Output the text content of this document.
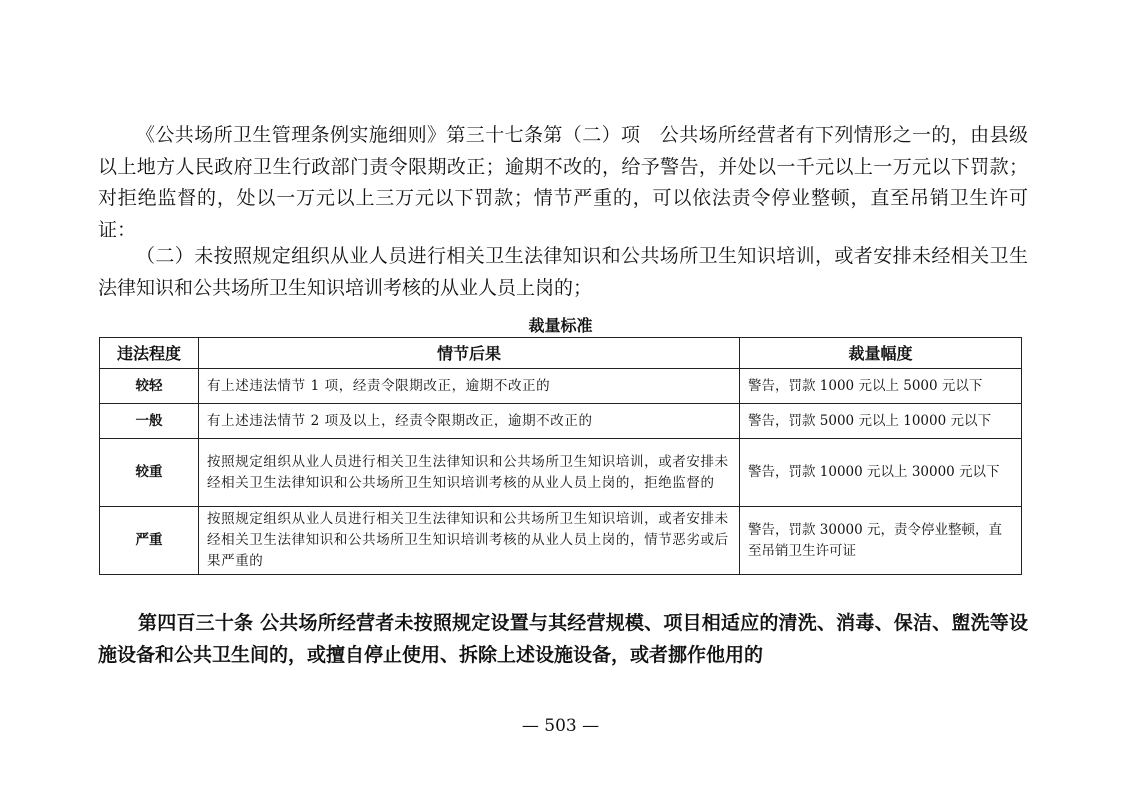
《公共场所卫生管理条例实施细则》第三十七条第（二）项　公共场所经营者有下列情形之一的，由县级以上地方人民政府卫生行政部门责令限期改正；逾期不改的，给予警告，并处以一千元以上一万元以下罚款；对拒绝监督的，处以一万元以上三万元以下罚款；情节严重的，可以依法责令停业整顿，直至吊销卫生许可证：

（二）未按照规定组织从业人员进行相关卫生法律知识和公共场所卫生知识培训，或者安排未经相关卫生法律知识和公共场所卫生知识培训考核的从业人员上岗的；

裁量标准
违法程度	情节后果	裁量幅度
较轻	有上述违法情节 1 项，经责令限期改正，逾期不改正的	警告，罚款 1000 元以上 5000 元以下
一般	有上述违法情节 2 项及以上，经责令限期改正，逾期不改正的	警告，罚款 5000 元以上 10000 元以下
较重	按照规定组织从业人员进行相关卫生法律知识和公共场所卫生知识培训，或者安排未经相关卫生法律知识和公共场所卫生知识培训考核的从业人员上岗的，拒绝监督的	警告，罚款 10000 元以上 30000 元以下
严重	按照规定组织从业人员进行相关卫生法律知识和公共场所卫生知识培训，或者安排未经相关卫生法律知识和公共场所卫生知识培训考核的从业人员上岗的，情节恶劣或后果严重的	警告，罚款 30000 元，责令停业整顿，直至吊销卫生许可证

第四百三十条 公共场所经营者未按照规定设置与其经营规模、项目相适应的清洗、消毒、保洁、盥洗等设施设备和公共卫生间的，或擅自停止使用、拆除上述设施设备，或者挪作他用的

— 503 —
